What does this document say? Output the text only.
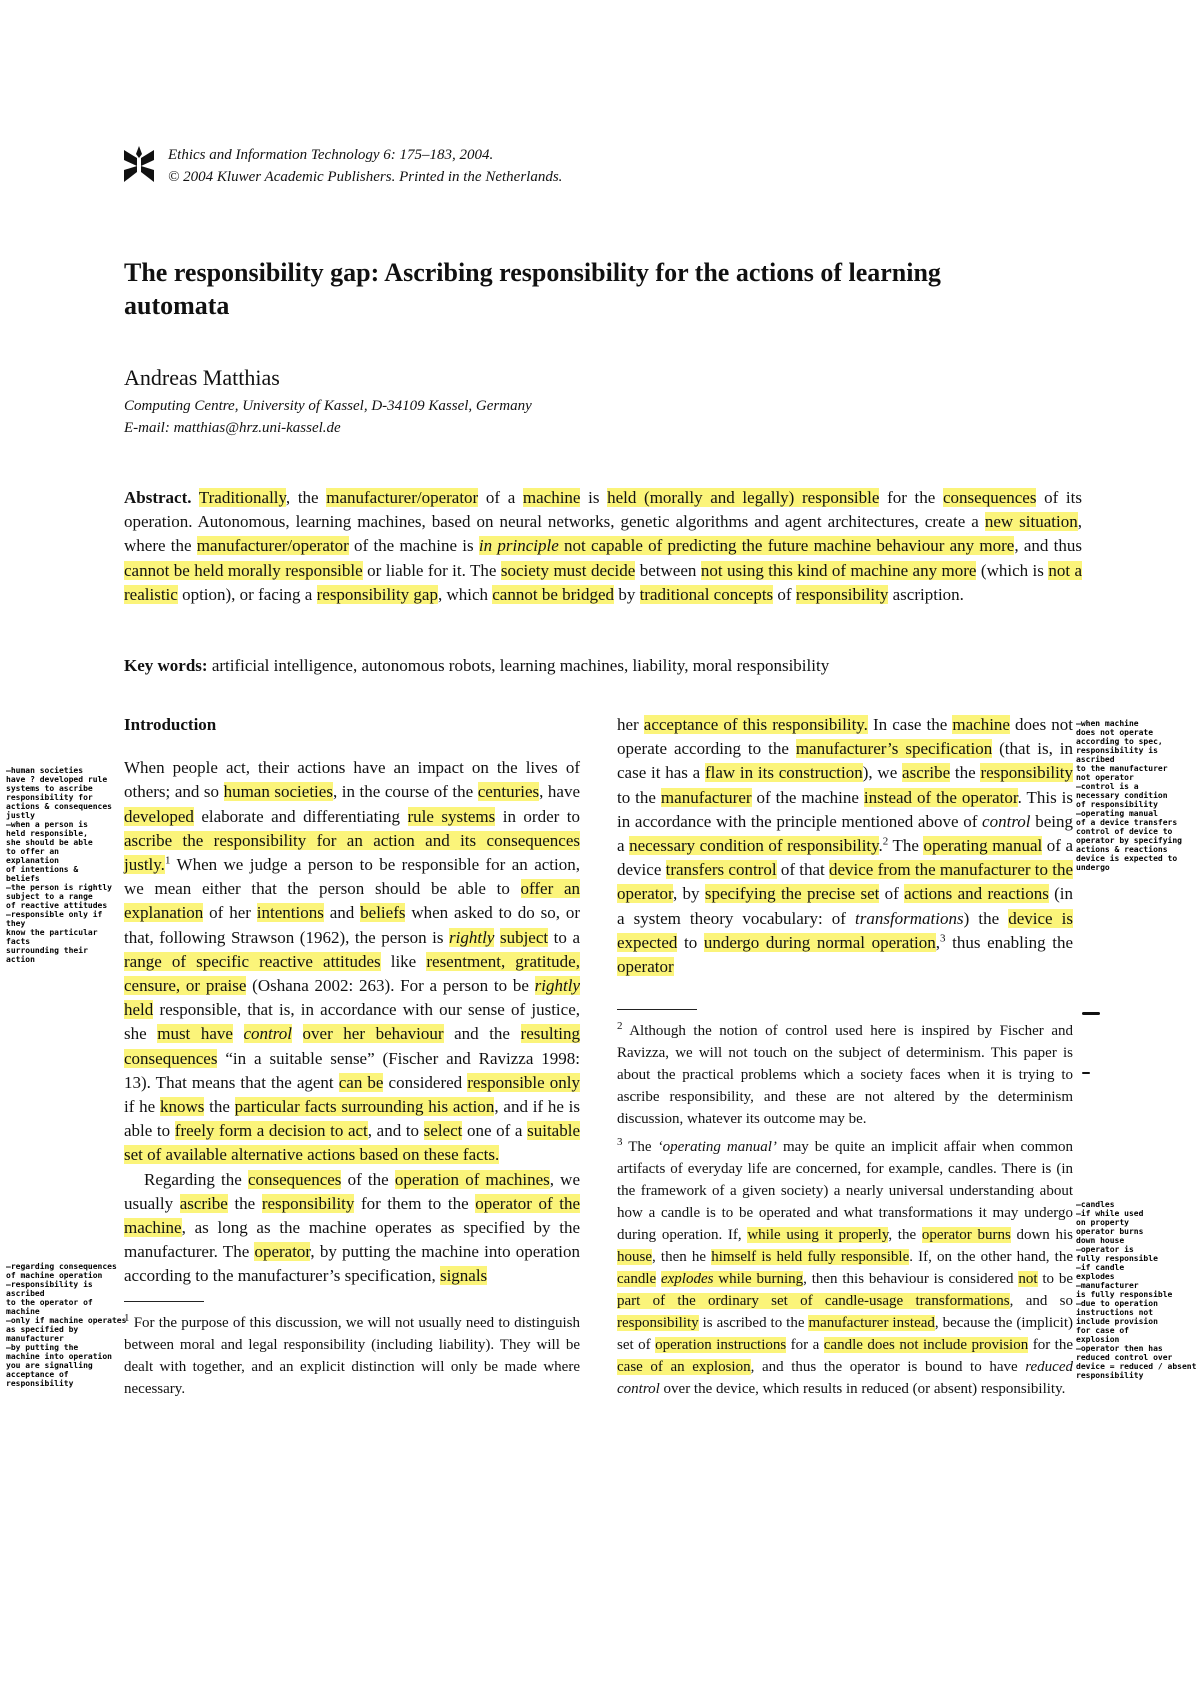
Ethics and Information Technology 6: 175–183, 2004.
© 2004 Kluwer Academic Publishers. Printed in the Netherlands.
The responsibility gap: Ascribing responsibility for the actions of learning automata
Andreas Matthias
Computing Centre, University of Kassel, D-34109 Kassel, Germany
E-mail: matthias@hrz.uni-kassel.de

Abstract. Traditionally, the manufacturer/operator of a machine is held (morally and legally) responsible for the consequences of its operation. Autonomous, learning machines, based on neural networks, genetic algorithms and agent architectures, create a new situation, where the manufacturer/operator of the machine is in principle not capable of predicting the future machine behaviour any more, and thus cannot be held morally responsible or liable for it. The society must decide between not using this kind of machine any more (which is not a realistic option), or facing a responsibility gap, which cannot be bridged by traditional concepts of responsibility ascription.

Key words: artificial intelligence, autonomous robots, learning machines, liability, moral responsibility

Introduction

When people act, their actions have an impact on the lives of others; and so human societies, in the course of the centuries, have developed elaborate and differentiating rule systems in order to ascribe the responsibility for an action and its consequences justly.$^1$ When we judge a person to be responsible for an action, we mean either that the person should be able to offer an explanation of her intentions and beliefs when asked to do so, or that, following Strawson (1962), the person is rightly subject to a range of specific reactive attitudes like resentment, gratitude, censure, or praise (Oshana 2002: 263). For a person to be rightly held responsible, that is, in accordance with our sense of justice, she must have control over her behaviour and the resulting consequences “in a suitable sense” (Fischer and Ravizza 1998: 13). That means that the agent can be considered responsible only if he knows the particular facts surrounding his action, and if he is able to freely form a decision to act, and to select one of a suitable set of available alternative actions based on these facts.

Regarding the consequences of the operation of machines, we usually ascribe the responsibility for them to the operator of the machine, as long as the machine operates as specified by the manufacturer. The operator, by putting the machine into operation according to the manufacturer’s specification, signals

$^1$ For the purpose of this discussion, we will not usually need to distinguish between moral and legal responsibility (including liability). They will be dealt with together, and an explicit distinction will only be made where necessary.

her acceptance of this responsibility. In case the machine does not operate according to the manufacturer’s specification (that is, in case it has a flaw in its construction), we ascribe the responsibility to the manufacturer of the machine instead of the operator. This is in accordance with the principle mentioned above of control being a necessary condition of responsibility.$^2$ The operating manual of a device transfers control of that device from the manufacturer to the operator, by specifying the precise set of actions and reactions (in a system theory vocabulary: of transformations) the device is expected to undergo during normal operation,$^3$ thus enabling the operator

$^2$ Although the notion of control used here is inspired by Fischer and Ravizza, we will not touch on the subject of determinism. This paper is about the practical problems which a society faces when it is trying to ascribe responsibility, and these are not altered by the determinism discussion, whatever its outcome may be.

$^3$ The ‘operating manual’ may be quite an implicit affair when common artifacts of everyday life are concerned, for example, candles. There is (in the framework of a given society) a nearly universal understanding about how a candle is to be operated and what transformations it may undergo during operation. If, while using it properly, the operator burns down his house, then he himself is held fully responsible. If, on the other hand, the candle explodes while burning, then this behaviour is considered not to be part of the ordinary set of candle-usage transformations, and so responsibility is ascribed to the manufacturer instead, because the (implicit) set of operation instructions for a candle does not include provision for the case of an explosion, and thus the operator is bound to have reduced control over the device, which results in reduced (or absent) responsibility.

–human societies
have ? developed rule
systems to ascribe
responsibility for
actions & consequences
justly
–when a person is
held responsible,
she should be able
to offer an explanation
of intentions &
beliefs
–the person is rightly
subject to a range
of reactive attitudes
–responsible only if they
know the particular facts
surrounding their action
–regarding consequences
of machine operation
–responsibility is ascribed
to the operator of machine
–only if machine operates
as specified by manufacturer
–by putting the
machine into operation
you are signalling
acceptance of responsibility
–when machine
does not operate
according to spec,
responsibility is ascribed
to the manufacturer
not operator
–control is a
necessary condition
of responsibility
–operating manual
of a device transfers
control of device to
operator by specifying
actions & reactions
device is expected to
undergo
–candles
–if while used
on property
operator burns
down house
–operator is
fully responsible
–if candle
explodes
–manufacturer
is fully responsible
–due to operation
instructions not
include provision
for case of
explosion
–operator then has
reduced control over
device = reduced / absent
responsibility
